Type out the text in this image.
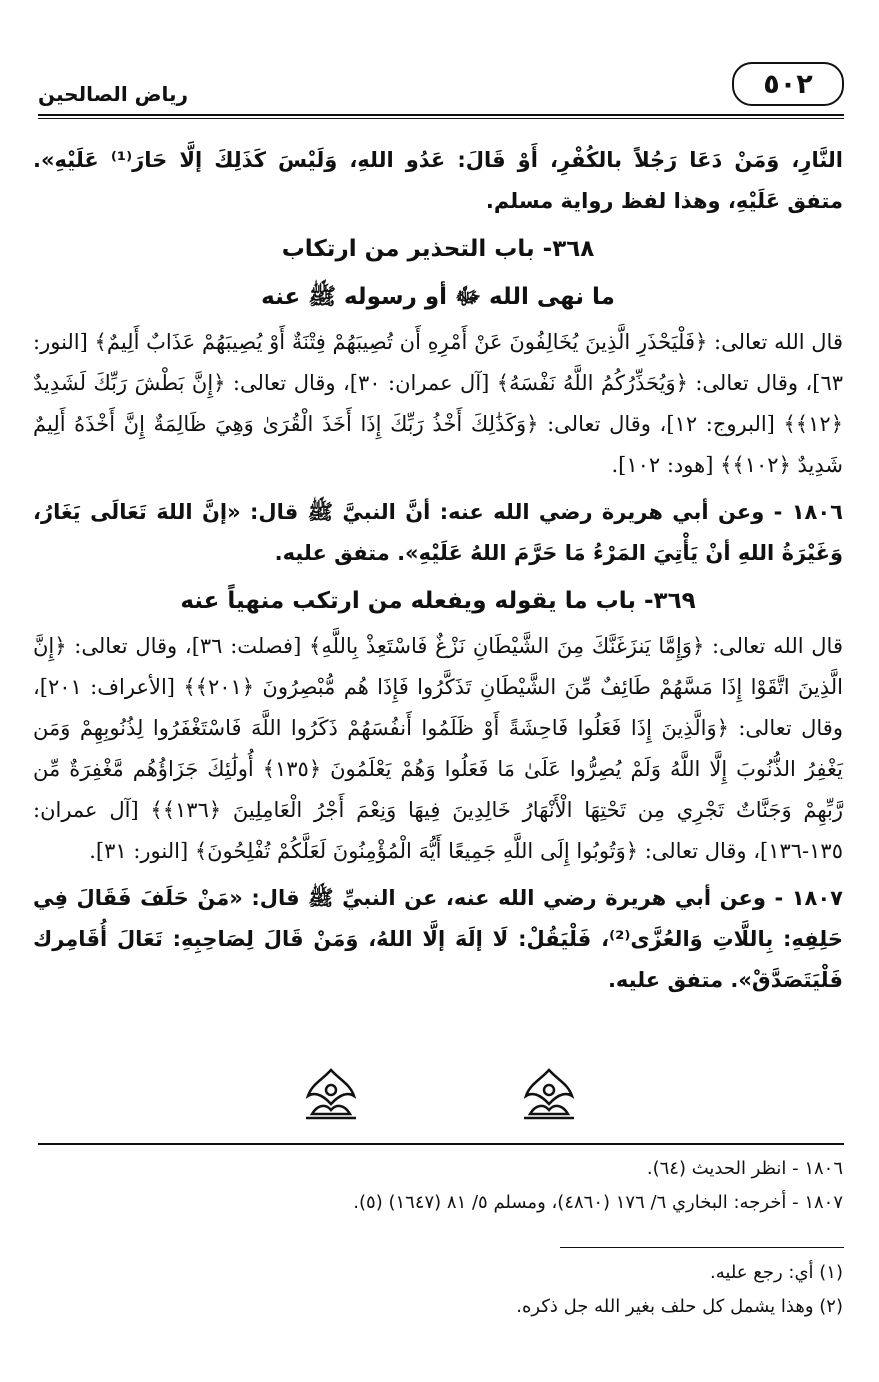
٥٠٢
رياض الصالحين

النَّارِ، وَمَنْ دَعَا رَجُلاً بالكُفْرِ، أَوْ قَالَ: عَدُو اللهِ، وَلَيْسَ كَذَلِكَ إلَّا حَارَ⁽¹⁾ عَلَيْهِ». متفق عَلَيْهِ، وهذا لفظ رواية مسلم.

٣٦٨- باب التحذير من ارتكاب
ما نهى الله ﷻ أو رسوله ﷺ عنه

قال الله تعالى: ﴿فَلْيَحْذَرِ الَّذِينَ يُخَالِفُونَ عَنْ أَمْرِهِ أَن تُصِيبَهُمْ فِتْنَةٌ أَوْ يُصِيبَهُمْ عَذَابٌ أَلِيمٌ﴾ [النور: ٦٣]، وقال تعالى: ﴿وَيُحَذِّرُكُمُ اللَّهُ نَفْسَهُ﴾ [آل عمران: ٣٠]، وقال تعالى: ﴿إِنَّ بَطْشَ رَبِّكَ لَشَدِيدٌ ﴿١٢﴾﴾ [البروج: ١٢]، وقال تعالى: ﴿وَكَذَٰلِكَ أَخْذُ رَبِّكَ إِذَا أَخَذَ الْقُرَىٰ وَهِيَ ظَالِمَةٌ إِنَّ أَخْذَهُ أَلِيمٌ شَدِيدٌ ﴿١٠٢﴾﴾ [هود: ١٠٢].

١٨٠٦ - وعن أبي هريرة رضي الله عنه: أنَّ النبيَّ ﷺ قال: «إنَّ اللهَ تَعَالَى يَغَارُ، وَغَيْرَةُ اللهِ أنْ يَأْتِيَ المَرْءُ مَا حَرَّمَ اللهُ عَلَيْهِ». متفق عليه.

٣٦٩- باب ما يقوله ويفعله من ارتكب منهياً عنه

قال الله تعالى: ﴿وَإِمَّا يَنزَغَنَّكَ مِنَ الشَّيْطَانِ نَزْغٌ فَاسْتَعِذْ بِاللَّهِ﴾ [فصلت: ٣٦]، وقال تعالى: ﴿إِنَّ الَّذِينَ اتَّقَوْا إِذَا مَسَّهُمْ طَائِفٌ مِّنَ الشَّيْطَانِ تَذَكَّرُوا فَإِذَا هُم مُّبْصِرُونَ ﴿٢٠١﴾﴾ [الأعراف: ٢٠١]، وقال تعالى: ﴿وَالَّذِينَ إِذَا فَعَلُوا فَاحِشَةً أَوْ ظَلَمُوا أَنفُسَهُمْ ذَكَرُوا اللَّهَ فَاسْتَغْفَرُوا لِذُنُوبِهِمْ وَمَن يَغْفِرُ الذُّنُوبَ إِلَّا اللَّهُ وَلَمْ يُصِرُّوا عَلَىٰ مَا فَعَلُوا وَهُمْ يَعْلَمُونَ ﴿١٣٥﴾ أُولَٰئِكَ جَزَاؤُهُم مَّغْفِرَةٌ مِّن رَّبِّهِمْ وَجَنَّاتٌ تَجْرِي مِن تَحْتِهَا الْأَنْهَارُ خَالِدِينَ فِيهَا وَنِعْمَ أَجْرُ الْعَامِلِينَ ﴿١٣٦﴾﴾ [آل عمران: ١٣٥-١٣٦]، وقال تعالى: ﴿وَتُوبُوا إِلَى اللَّهِ جَمِيعًا أَيُّهَ الْمُؤْمِنُونَ لَعَلَّكُمْ تُفْلِحُونَ﴾ [النور: ٣١].

١٨٠٧ - وعن أبي هريرة رضي الله عنه، عن النبيِّ ﷺ قال: «مَنْ حَلَفَ فَقَالَ فِي حَلِفِهِ: بِاللَّاتِ وَالعُزَّى⁽²⁾، فَلْيَقُلْ: لَا إلَهَ إلَّا اللهُ، وَمَنْ قَالَ لِصَاحِبِهِ: تَعَالَ أُقَامِرك فَلْيَتَصَدَّقْ». متفق عليه.

١٨٠٦ - انظر الحديث (٦٤).
١٨٠٧ - أخرجه: البخاري ٦/ ١٧٦ (٤٨٦٠)، ومسلم ٥/ ٨١ (١٦٤٧) (٥).
(١) أي: رجع عليه.
(٢) وهذا يشمل كل حلف بغير الله جل ذكره.
